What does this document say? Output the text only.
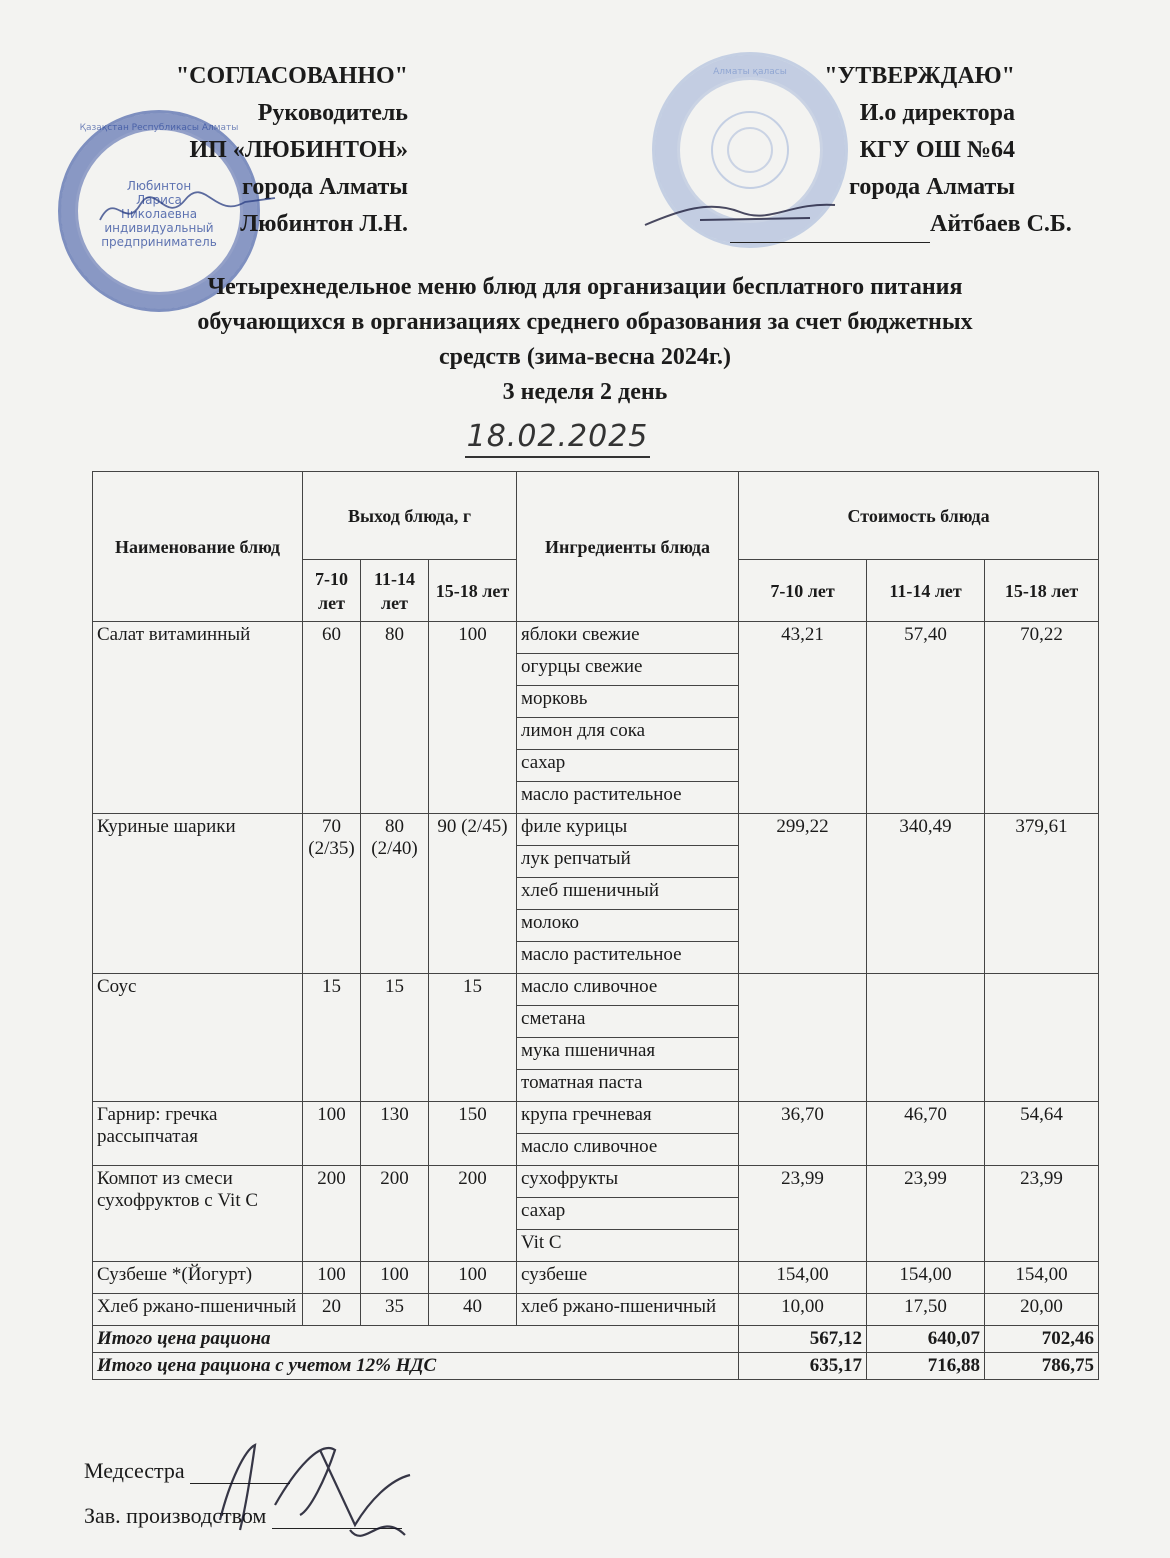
Қазақстан Республикасы Алматы
Любинтон
Лариса
Николаевна
индивидуальный
предприниматель
Алматы қаласы
"СОГЛАСОВАННО"
Руководитель
ИП «ЛЮБИНТОН»
города Алматы
Любинтон Л.Н.
"УТВЕРЖДАЮ"
И.о директора
КГУ ОШ №64
города Алматы
Айтбаев С.Б.
Четырехнедельное меню блюд для организации бесплатного питания
обучающихся в организациях среднего образования за счет бюджетных
средств (зима-весна 2024г.)
3 неделя 2 день
18.02.2025
Наименование блюд	Выход блюда, г			Ингредиенты блюда	Стоимость блюда		
	7-10 лет	11-14 лет	15-18 лет		7-10 лет	11-14 лет	15-18 лет
Салат витаминный	60	80	100	яблоки свежие	43,21	57,40	70,22
				огурцы свежие			
				морковь			
				лимон для сока			
				сахар			
				масло растительное			
Куриные шарики	70 (2/35)	80 (2/40)	90 (2/45)	филе курицы	299,22	340,49	379,61
				лук репчатый			
				хлеб пшеничный			
				молоко			
				масло растительное			
Соус	15	15	15	масло сливочное			
				сметана			
				мука пшеничная			
				томатная паста			
Гарнир: гречка рассыпчатая	100	130	150	крупа гречневая	36,70	46,70	54,64
				масло сливочное			
Компот из смеси сухофруктов с Vit C	200	200	200	сухофрукты	23,99	23,99	23,99
				сахар			
				Vit C			
Сузбеше *(Йогурт)	100	100	100	сузбеше	154,00	154,00	154,00
Хлеб ржано-пшеничный	20	35	40	хлеб ржано-пшеничный	10,00	17,50	20,00
Итого цена рациона					567,12	640,07	702,46
Итого цена рациона с учетом 12% НДС					635,17	716,88	786,75
Медсестра
Зав. производством
